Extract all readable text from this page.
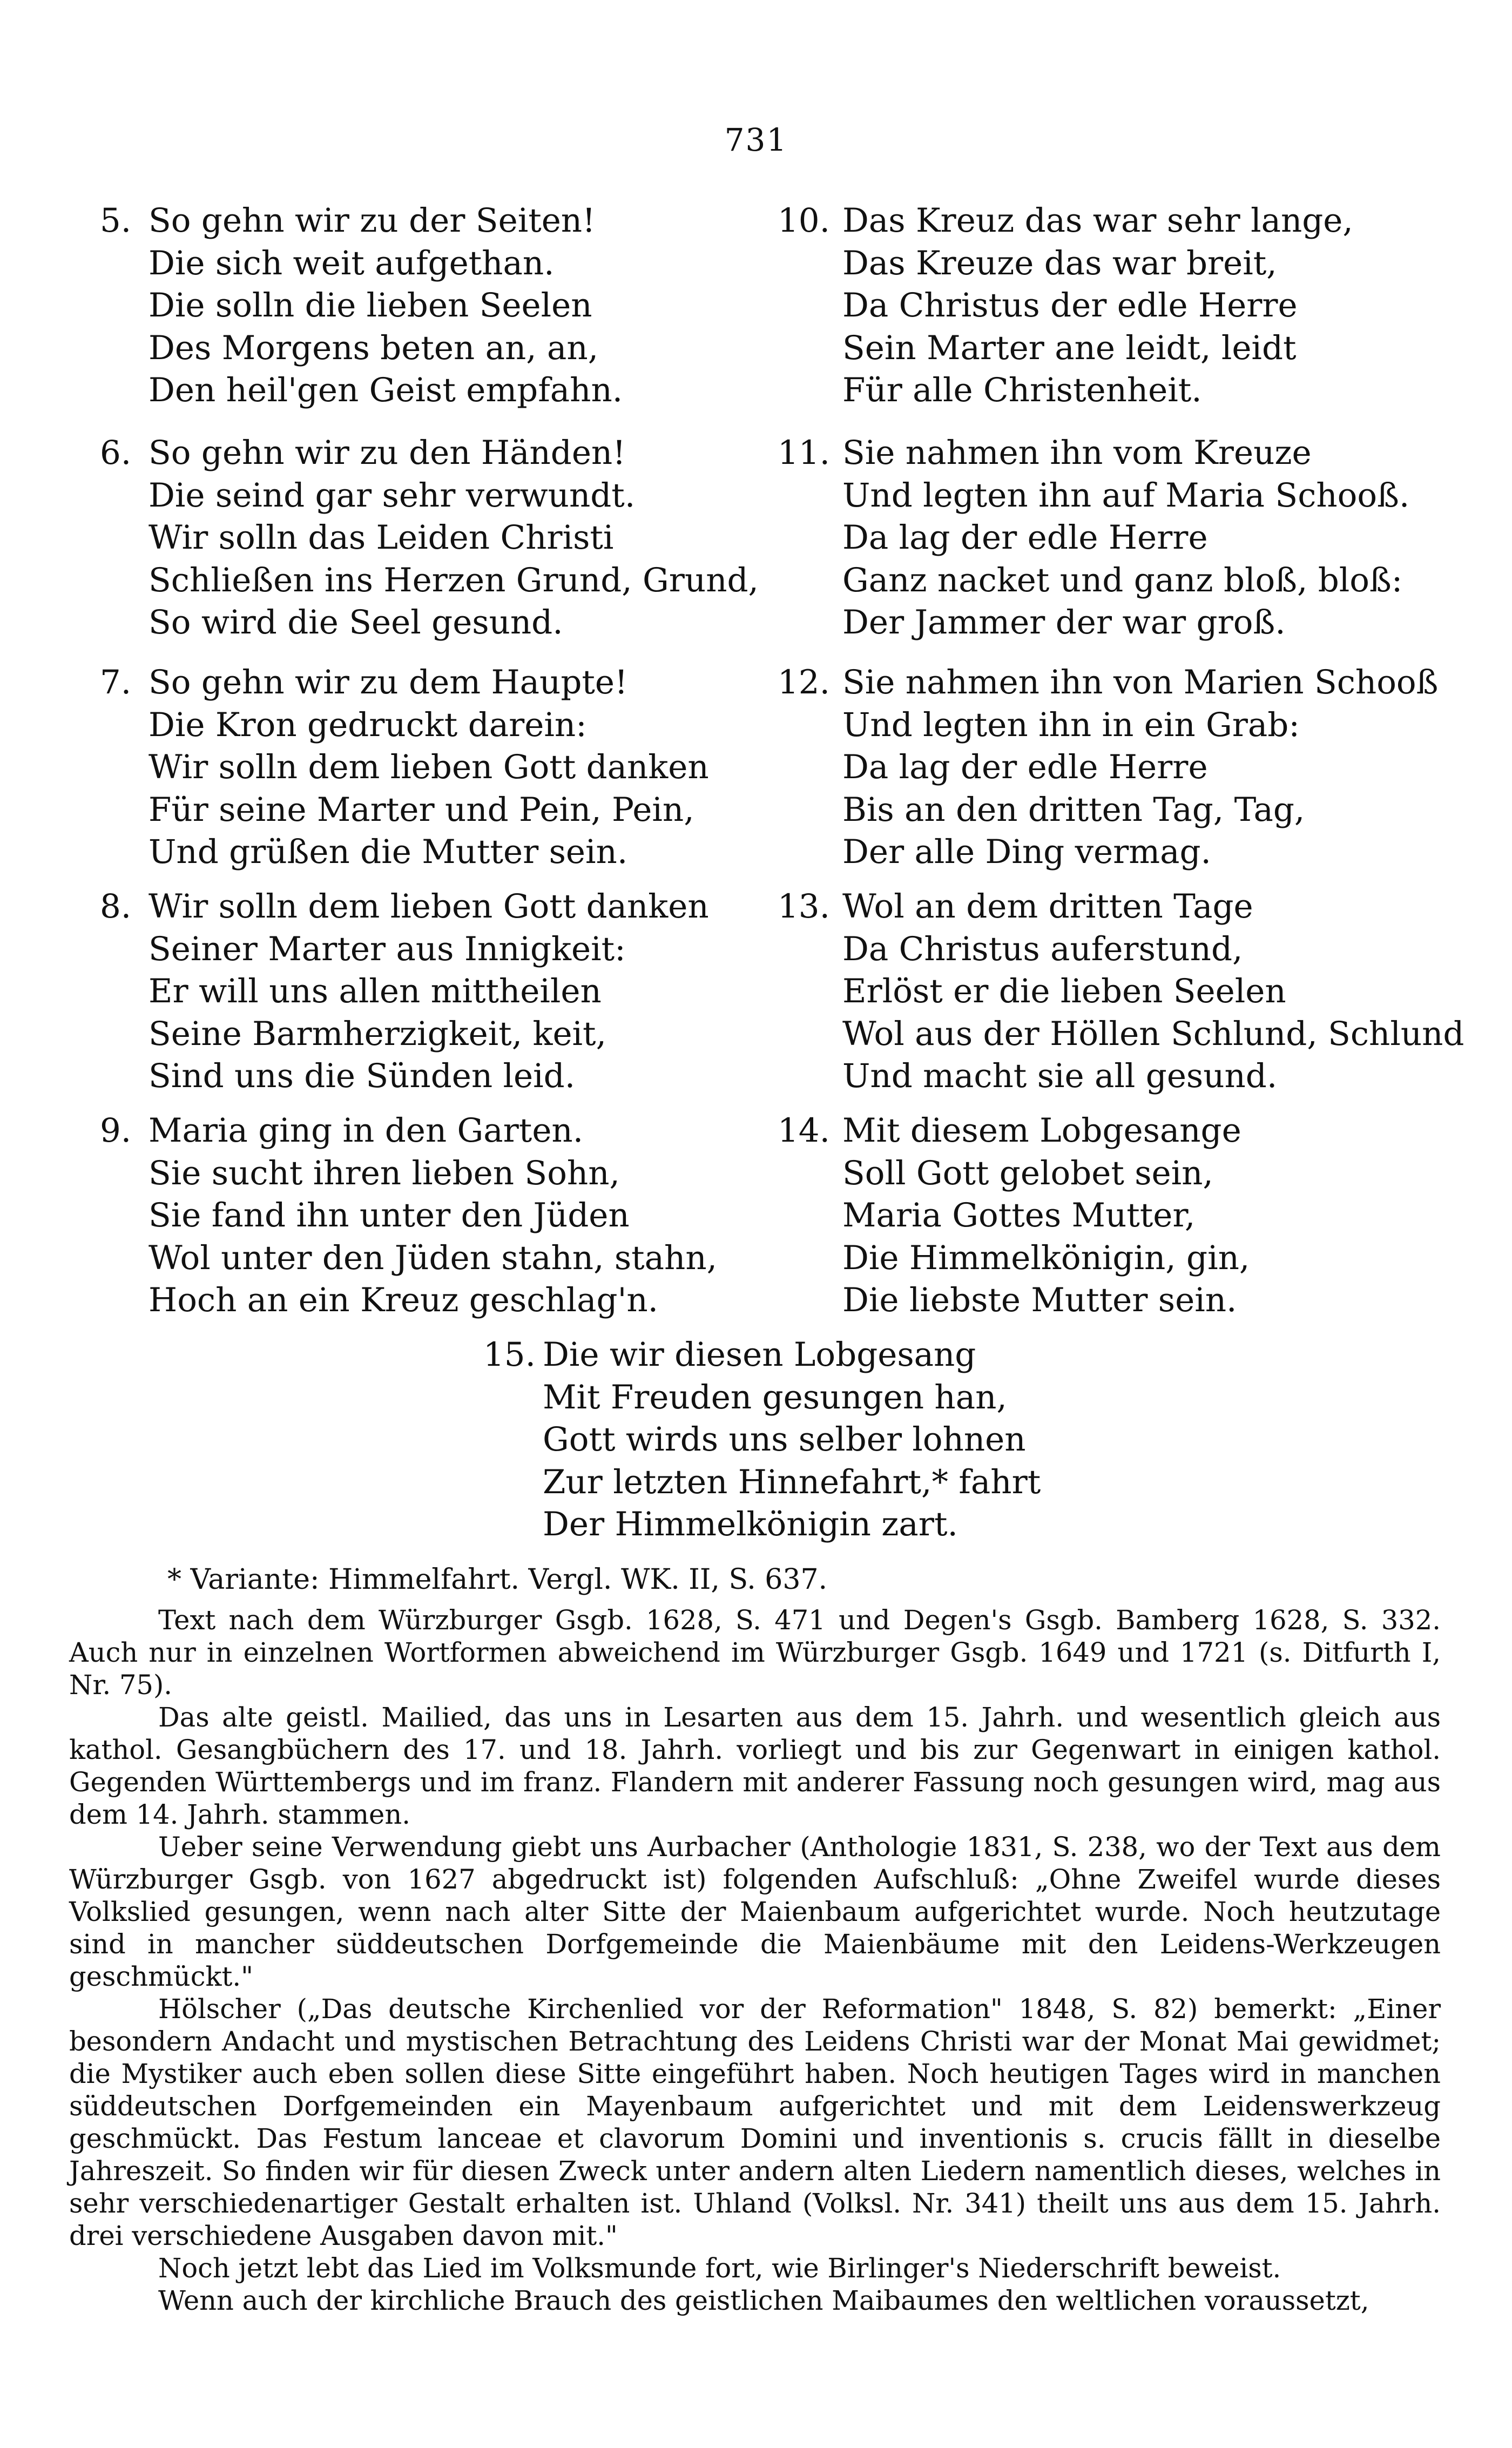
731
5. So gehn wir zu der Seiten!
Die sich weit aufgethan.
Die solln die lieben Seelen
Des Morgens beten an, an,
Den heil'gen Geist empfahn.
6. So gehn wir zu den Händen!
Die seind gar sehr verwundt.
Wir solln das Leiden Christi
Schließen ins Herzen Grund, Grund,
So wird die Seel gesund.
7. So gehn wir zu dem Haupte!
Die Kron gedruckt darein:
Wir solln dem lieben Gott danken
Für seine Marter und Pein, Pein,
Und grüßen die Mutter sein.
8. Wir solln dem lieben Gott danken
Seiner Marter aus Innigkeit:
Er will uns allen mittheilen
Seine Barmherzigkeit, keit,
Sind uns die Sünden leid.
9. Maria ging in den Garten.
Sie sucht ihren lieben Sohn,
Sie fand ihn unter den Jüden
Wol unter den Jüden stahn, stahn,
Hoch an ein Kreuz geschlag'n.
10. Das Kreuz das war sehr lange,
Das Kreuze das war breit,
Da Christus der edle Herre
Sein Marter ane leidt, leidt
Für alle Christenheit.
11. Sie nahmen ihn vom Kreuze
Und legten ihn auf Maria Schooß.
Da lag der edle Herre
Ganz nacket und ganz bloß, bloß:
Der Jammer der war groß.
12. Sie nahmen ihn von Marien Schooß
Und legten ihn in ein Grab:
Da lag der edle Herre
Bis an den dritten Tag, Tag,
Der alle Ding vermag.
13. Wol an dem dritten Tage
Da Christus auferstund,
Erlöst er die lieben Seelen
Wol aus der Höllen Schlund, Schlund
Und macht sie all gesund.
14. Mit diesem Lobgesange
Soll Gott gelobet sein,
Maria Gottes Mutter,
Die Himmelkönigin, gin,
Die liebste Mutter sein.
15. Die wir diesen Lobgesang
Mit Freuden gesungen han,
Gott wirds uns selber lohnen
Zur letzten Hinnefahrt,* fahrt
Der Himmelkönigin zart.
* Variante: Himmelfahrt. Vergl. WK. II, S. 637.

Text nach dem Würzburger Gsgb. 1628, S. 471 und Degen's Gsgb. Bamberg 1628, S. 332. Auch nur in einzelnen Wortformen abweichend im Würzburger Gsgb. 1649 und 1721 (s. Ditfurth I, Nr. 75).

Das alte geistl. Mailied, das uns in Lesarten aus dem 15. Jahrh. und wesentlich gleich aus kathol. Gesangbüchern des 17. und 18. Jahrh. vorliegt und bis zur Gegenwart in einigen kathol. Gegenden Württembergs und im franz. Flandern mit anderer Fassung noch gesungen wird, mag aus dem 14. Jahrh. stammen.

Ueber seine Verwendung giebt uns Aurbacher (Anthologie 1831, S. 238, wo der Text aus dem Würzburger Gsgb. von 1627 abgedruckt ist) folgenden Aufschluß: „Ohne Zweifel wurde dieses Volkslied gesungen, wenn nach alter Sitte der Maienbaum aufgerichtet wurde. Noch heutzutage sind in mancher süddeutschen Dorfgemeinde die Maienbäume mit den Leidens-Werkzeugen geschmückt."

Hölscher („Das deutsche Kirchenlied vor der Reformation" 1848, S. 82) bemerkt: „Einer besondern Andacht und mystischen Betrachtung des Leidens Christi war der Monat Mai gewidmet; die Mystiker auch eben sollen diese Sitte eingeführt haben. Noch heutigen Tages wird in manchen süddeutschen Dorfgemeinden ein Mayenbaum aufgerichtet und mit dem Leidenswerkzeug geschmückt. Das Festum lanceae et clavorum Domini und inventionis s. crucis fällt in dieselbe Jahreszeit. So finden wir für diesen Zweck unter andern alten Liedern namentlich dieses, welches in sehr verschiedenartiger Gestalt erhalten ist. Uhland (Volksl. Nr. 341) theilt uns aus dem 15. Jahrh. drei verschiedene Ausgaben davon mit."

Noch jetzt lebt das Lied im Volksmunde fort, wie Birlinger's Niederschrift beweist.

Wenn auch der kirchliche Brauch des geistlichen Maibaumes den weltlichen voraussetzt,
